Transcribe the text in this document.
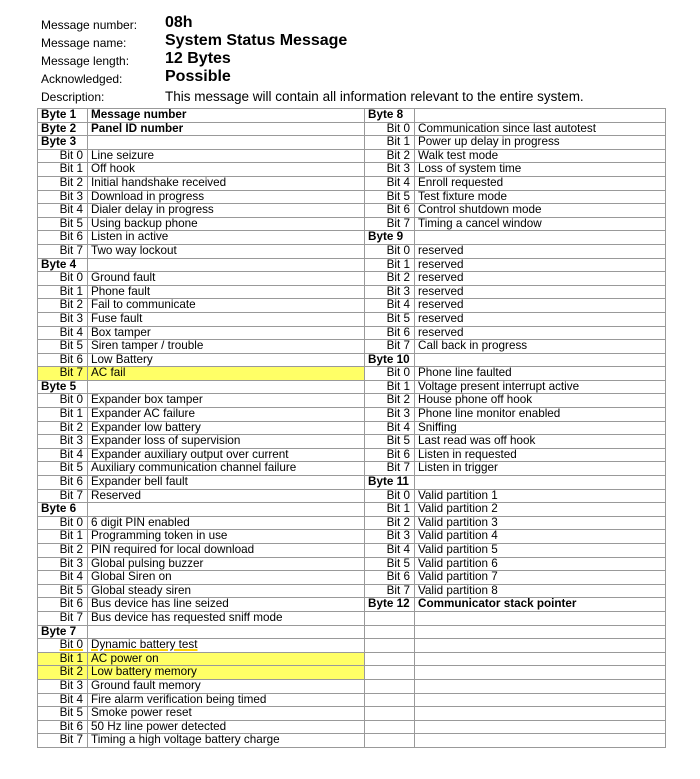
Message number: 08h
Message name: System Status Message
Message length: 12 Bytes
Acknowledged:	Possible
Description:	This message will contain all information relevant to the entire system.
Byte 1	Message number	Byte 8	
Byte 2	Panel ID number	Bit 0	Communication since last autotest
Byte 3		Bit 1	Power up delay in progress
Bit 0	Line seizure	Bit 2	Walk test mode
Bit 1	Off hook	Bit 3	Loss of system time
Bit 2	Initial handshake received	Bit 4	Enroll requested
Bit 3	Download in progress	Bit 5	Test fixture mode
Bit 4	Dialer delay in progress	Bit 6	Control shutdown mode
Bit 5	Using backup phone	Bit 7	Timing a cancel window
Bit 6	Listen in active	Byte 9	
Bit 7	Two way lockout	Bit 0	reserved
Byte 4		Bit 1	reserved
Bit 0	Ground fault	Bit 2	reserved
Bit 1	Phone fault	Bit 3	reserved
Bit 2	Fail to communicate	Bit 4	reserved
Bit 3	Fuse fault	Bit 5	reserved
Bit 4	Box tamper	Bit 6	reserved
Bit 5	Siren tamper / trouble	Bit 7	Call back in progress
Bit 6	Low Battery	Byte 10	
Bit 7	AC fail	Bit 0	Phone line faulted
Byte 5		Bit 1	Voltage present interrupt active
Bit 0	Expander box tamper	Bit 2	House phone off hook
Bit 1	Expander AC failure	Bit 3	Phone line monitor enabled
Bit 2	Expander low battery	Bit 4	Sniffing
Bit 3	Expander loss of supervision	Bit 5	Last read was off hook
Bit 4	Expander auxiliary output over current	Bit 6	Listen in requested
Bit 5	Auxiliary communication channel failure	Bit 7	Listen in trigger
Bit 6	Expander bell fault	Byte 11	
Bit 7	Reserved	Bit 0	Valid partition 1
Byte 6		Bit 1	Valid partition 2
Bit 0	6 digit PIN enabled	Bit 2	Valid partition 3
Bit 1	Programming token in use	Bit 3	Valid partition 4
Bit 2	PIN required for local download	Bit 4	Valid partition 5
Bit 3	Global pulsing buzzer	Bit 5	Valid partition 6
Bit 4	Global Siren on	Bit 6	Valid partition 7
Bit 5	Global steady siren	Bit 7	Valid partition 8
Bit 6	Bus device has line seized	Byte 12	Communicator stack pointer
Bit 7	Bus device has requested sniff mode		
Byte 7			
Bit 0	Dynamic battery test		
Bit 1	AC power on		
Bit 2	Low battery memory		
Bit 3	Ground fault memory		
Bit 4	Fire alarm verification being timed		
Bit 5	Smoke power reset		
Bit 6	50 Hz line power detected		
Bit 7	Timing a high voltage battery charge		
